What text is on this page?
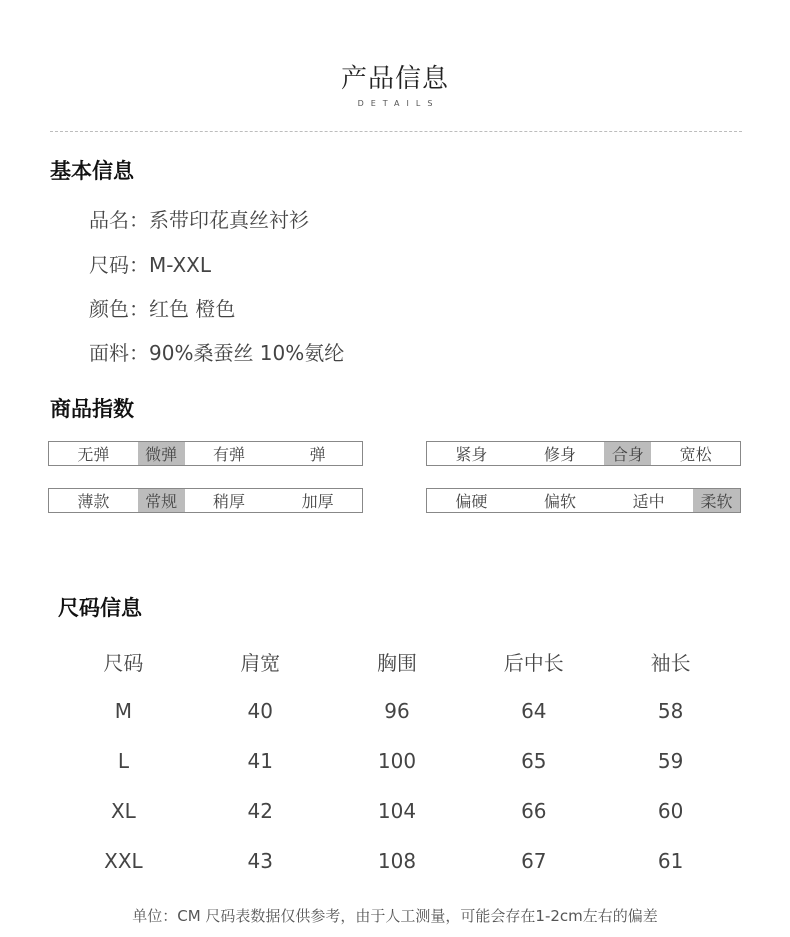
产品信息
DETAILS
基本信息
品名：系带印花真丝衬衫
尺码：M-XXL
颜色：红色 橙色
面料：90%桑蚕丝 10%氨纶
商品指数
无弹	微弹	有弹	弹	紧身	修身	合身	宽松
薄款	常规	稍厚	加厚	偏硬	偏软	适中	柔软
尺码信息
尺码	肩宽	胸围	后中长	袖长
M	40	96	64	58
L	41	100	65	59
XL	42	104	66	60
XXL	43	108	67	61
单位：CM 尺码表数据仅供参考，由于人工测量，可能会存在1-2cm左右的偏差
